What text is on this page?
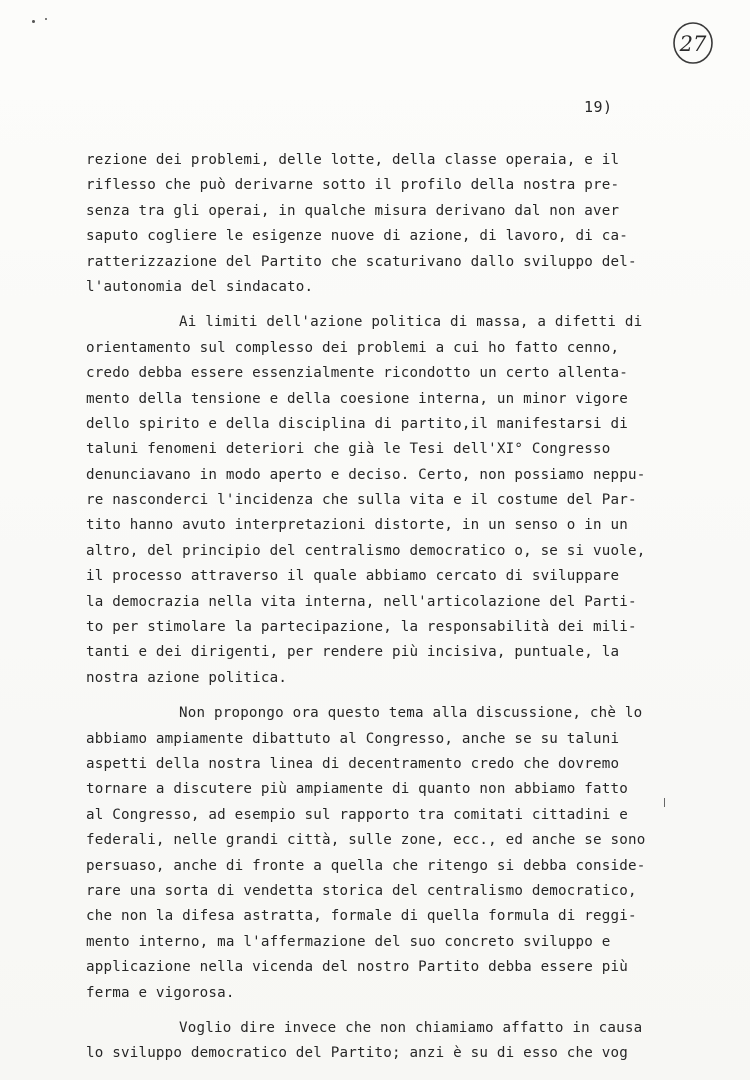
27
19)
rezione dei problemi, delle lotte, della classe operaia, e il
riflesso che può derivarne sotto il profilo della nostra pre-
senza tra gli operai, in qualche misura derivano dal non aver
saputo cogliere le esigenze nuove di azione, di lavoro, di ca-
ratterizzazione del Partito che scaturivano dallo sviluppo del-
l'autonomia del sindacato.
Ai limiti dell'azione politica di massa, a difetti di
orientamento sul complesso dei problemi a cui ho fatto cenno,
credo debba essere essenzialmente ricondotto un certo allenta-
mento della tensione e della coesione interna, un minor vigore
dello spirito e della disciplina di partito,il manifestarsi di
taluni fenomeni deteriori che già le Tesi dell'XI° Congresso
denunciavano in modo aperto e deciso. Certo, non possiamo neppu-
re nasconderci l'incidenza che sulla vita e il costume del Par-
tito hanno avuto interpretazioni distorte, in un senso o in un
altro, del principio del centralismo democratico o, se si vuole,
il processo attraverso il quale abbiamo cercato di sviluppare
la democrazia nella vita interna, nell'articolazione del Parti-
to per stimolare la partecipazione, la responsabilità dei mili-
tanti e dei dirigenti, per rendere più incisiva, puntuale, la
nostra azione politica.
Non propongo ora questo tema alla discussione, chè lo
abbiamo ampiamente dibattuto al Congresso, anche se su taluni
aspetti della nostra linea di decentramento credo che dovremo
tornare a discutere più ampiamente di quanto non abbiamo fatto
al Congresso, ad esempio sul rapporto tra comitati cittadini e
federali, nelle grandi città, sulle zone, ecc., ed anche se sono
persuaso, anche di fronte a quella che ritengo si debba conside-
rare una sorta di vendetta storica del centralismo democratico,
che non la difesa astratta, formale di quella formula di reggi-
mento interno, ma l'affermazione del suo concreto sviluppo e
applicazione nella vicenda del nostro Partito debba essere più
ferma e vigorosa.
Voglio dire invece che non chiamiamo affatto in causa
lo sviluppo democratico del Partito; anzi è su di esso che vog
